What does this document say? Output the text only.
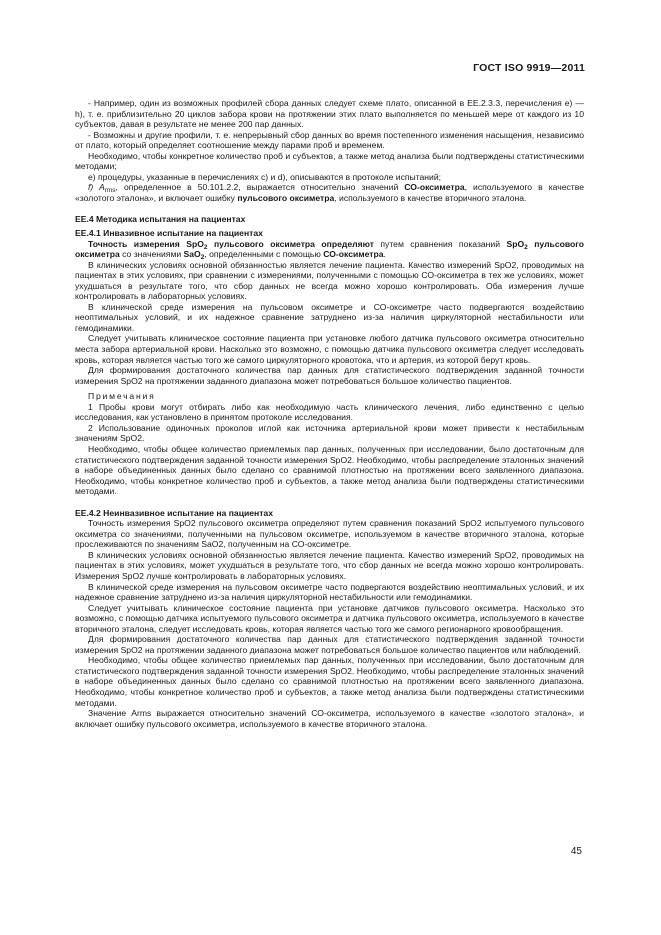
ГОСТ ISO 9919—2011

- Например, один из возможных профилей сбора данных следует схеме плато, описанной в ЕЕ.2.3.3, перечисления е) — h), т. е. приблизительно 20 циклов забора крови на протяжении этих плато выполняется по меньшей мере от каждого из 10 субъектов, давая в результате не менее 200 пар данных.

- Возможны и другие профили, т. е. непрерывный сбор данных во время постепенного изменения насыщения, независимо от плато, который определяет соотношение между парами проб и временем.

Необходимо, чтобы конкретное количество проб и субъектов, а также метод анализа были подтверждены статистическими методами;

e) процедуры, указанные в перечислениях с) и d), описываются в протоколе испытаний;

f) $A_{rms}$, определенное в 50.101.2.2, выражается относительно значений СО-оксиметра, используемого в качестве «золотого эталона», и включает ошибку пульсового оксиметра, используемого в качестве вторичного эталона.

ЕЕ.4 Методика испытания на пациентах

ЕЕ.4.1 Инвазивное испытание на пациентах

Точность измерения SpO$_2$ пульсового оксиметра определяют путем сравнения показаний SpO$_2$ пульсового оксиметра со значениями SaO$_2$, определенными с помощью СО-оксиметра.

В клинических условиях основной обязанностью является лечение пациента. Качество измерений SpO2, проводимых на пациентах в этих условиях, при сравнении с измерениями, полученными с помощью СО-оксиметра в тех же условиях, может ухудшаться в результате того, что сбор данных не всегда можно хорошо контролировать. Оба измерения лучше контролировать в лабораторных условиях.

В клинической среде измерения на пульсовом оксиметре и СО-оксиметре часто подвергаются воздействию неоптимальных условий, и их надежное сравнение затруднено из-за наличия циркуляторной нестабильности или гемодинамики.

Следует учитывать клиническое состояние пациента при установке любого датчика пульсового оксиметра относительно места забора артериальной крови. Насколько это возможно, с помощью датчика пульсового оксиметра следует исследовать кровь, которая является частью того же самого циркуляторного кровотока, что и артерия, из которой берут кровь.

Для формирования достаточного количества пар данных для статистического подтверждения заданной точности измерения SpO2 на протяжении заданного диапазона может потребоваться большое количество пациентов.

Примечания

1 Пробы крови могут отбирать либо как необходимую часть клинического лечения, либо единственно с целью исследования, как установлено в принятом протоколе исследования.

2 Использование одиночных проколов иглой как источника артериальной крови может привести к нестабильным значениям SpO2.

Необходимо, чтобы общее количество приемлемых пар данных, полученных при исследовании, было достаточным для статистического подтверждения заданной точности измерения SpO2. Необходимо, чтобы распределение эталонных значений в наборе объединенных данных было сделано со сравнимой плотностью на протяжении всего заявленного диапазона. Необходимо, чтобы конкретное количество проб и субъектов, а также метод анализа были подтверждены статистическими методами.

ЕЕ.4.2 Неинвазивное испытание на пациентах

Точность измерения SpO2 пульсового оксиметра определяют путем сравнения показаний SpO2 испытуемого пульсового оксиметра со значениями, полученными на пульсовом оксиметре, используемом в качестве вторичного эталона, которые прослеживаются по значениям SaO2, полученным на СО-оксиметре.

В клинических условиях основной обязанностью является лечение пациента. Качество измерений SpO2, проводимых на пациентах в этих условиях, может ухудшаться в результате того, что сбор данных не всегда можно хорошо контролировать. Измерения SpO2 лучше контролировать в лабораторных условиях.

В клинической среде измерения на пульсовом оксиметре часто подвергаются воздействию неоптимальных условий, и их надежное сравнение затруднено из-за наличия циркуляторной нестабильности или гемодинамики.

Следует учитывать клиническое состояние пациента при установке датчиков пульсового оксиметра. Насколько это возможно, с помощью датчика испытуемого пульсового оксиметра и датчика пульсового оксиметра, используемого в качестве вторичного эталона, следует исследовать кровь, которая является частью того же самого регионарного кровообращения.

Для формирования достаточного количества пар данных для статистического подтверждения заданной точности измерения SpO2 на протяжении заданного диапазона может потребоваться большое количество пациентов или наблюдений.

Необходимо, чтобы общее количество приемлемых пар данных, полученных при исследовании, было достаточным для статистического подтверждения заданной точности измерения SpO2. Необходимо, чтобы распределение эталонных значений в наборе объединенных данных было сделано со сравнимой плотностью на протяжении всего заявленного диапазона. Необходимо, чтобы конкретное количество проб и субъектов, а также метод анализа были подтверждены статистическими методами.

Значение Arms выражается относительно значений СО-оксиметра, используемого в качестве «золотого эталона», и включает ошибку пульсового оксиметра, используемого в качестве вторичного эталона.

45
